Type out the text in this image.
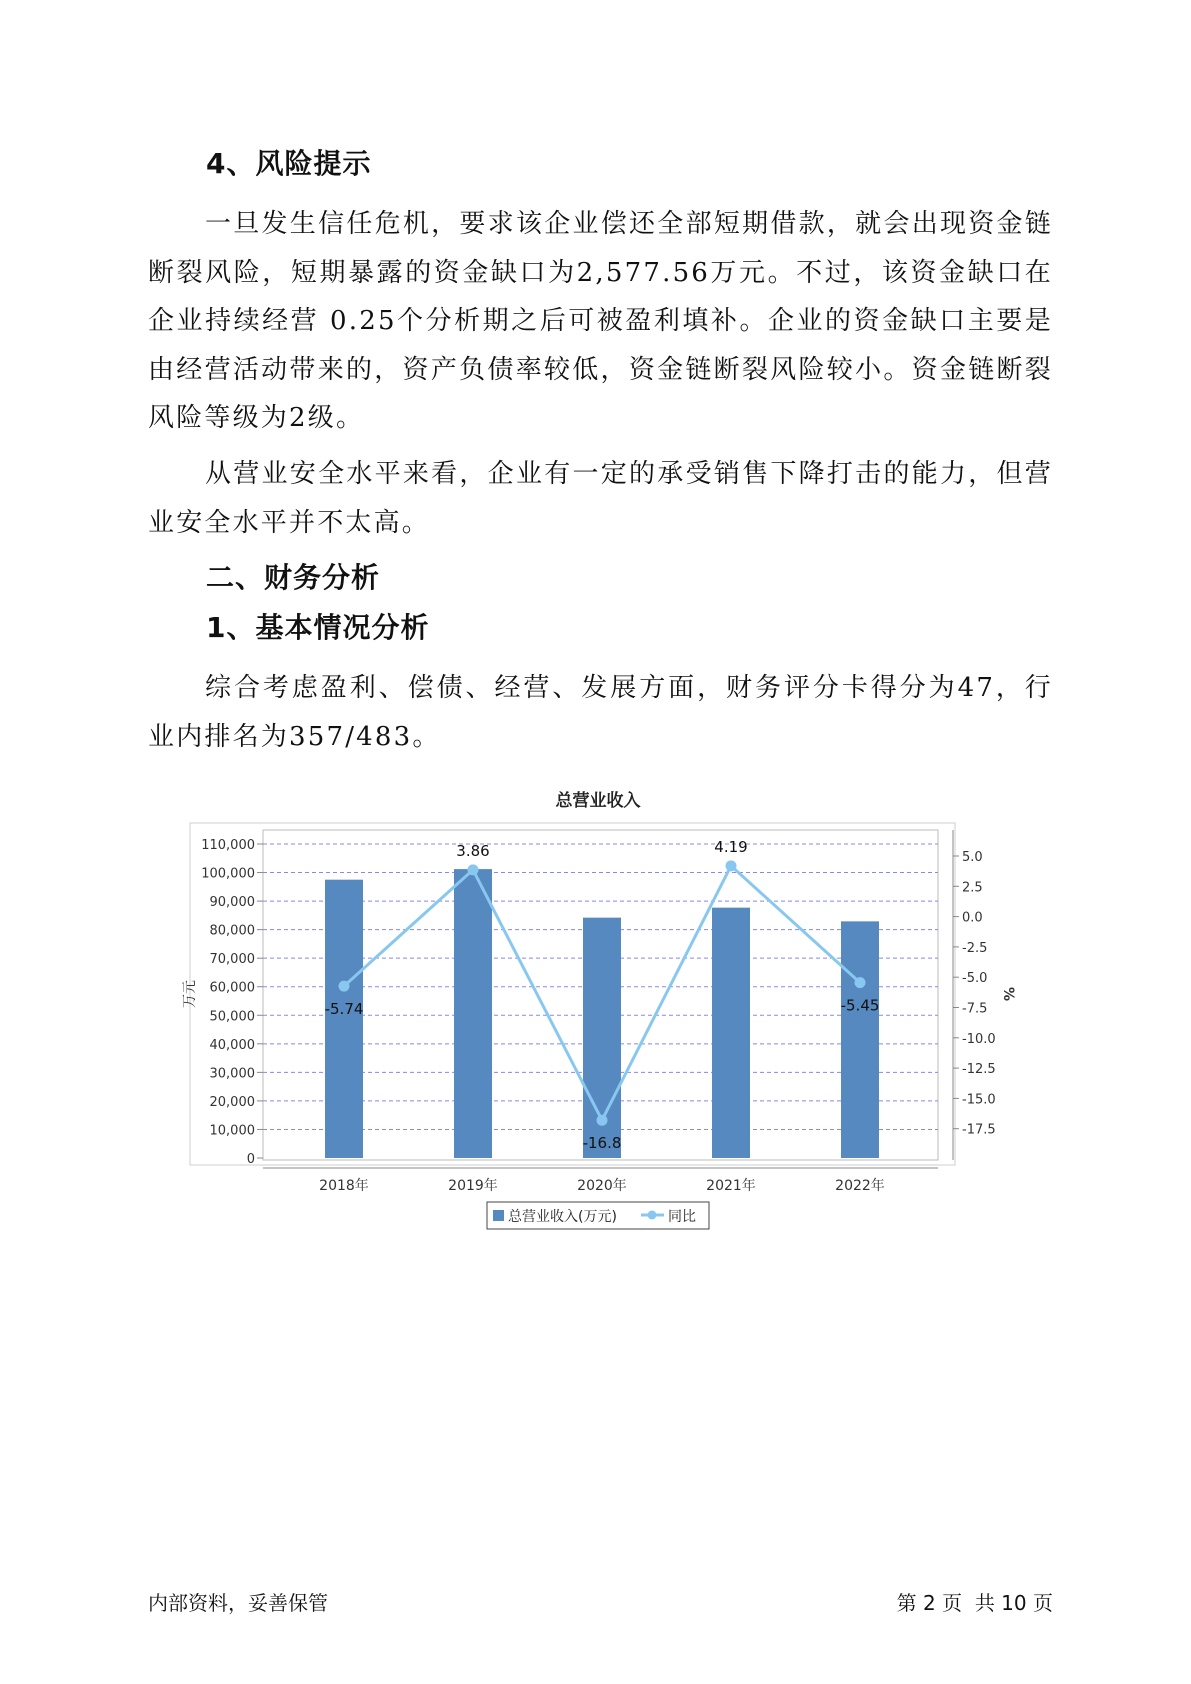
4、风险提示

一旦发生信任危机，要求该企业偿还全部短期借款，就会出现资金链断裂风险，短期暴露的资金缺口为2,577.56万元。不过，该资金缺口在企业持续经营 0.25个分析期之后可被盈利填补。企业的资金缺口主要是由经营活动带来的，资产负债率较低，资金链断裂风险较小。资金链断裂风险等级为2级。

从营业安全水平来看，企业有一定的承受销售下降打击的能力，但营业安全水平并不太高。

二、财务分析
1、基本情况分析

综合考虑盈利、偿债、经营、发展方面，财务评分卡得分为47，行业内排名为357/483。

总营业收入
0
10,000
20,000
30,000
40,000
50,000
60,000
70,000
80,000
90,000
100,000
110,000
5.0
2.5
0.0
-2.5
-5.0
-7.5
-10.0
-12.5
-15.0
-17.5
万元	%
2018年	2019年	2020年	2021年	2022年
-5.74
3.86
-16.8
4.19
-5.45
总营业收入(万元)	同比
内部资料，妥善保管	第 2 页  共 10 页
